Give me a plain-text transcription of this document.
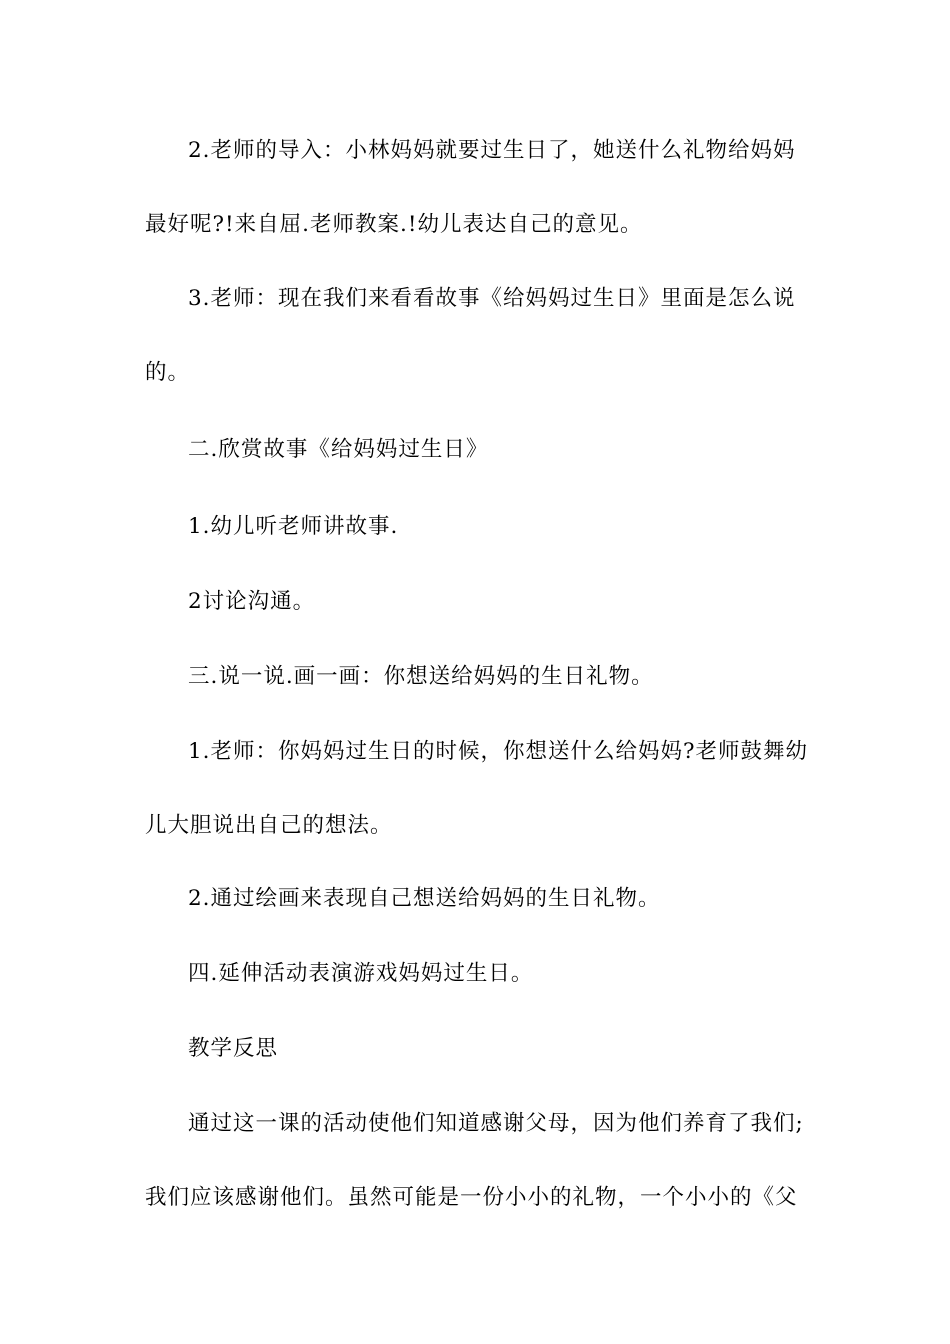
2.老师的导入：小林妈妈就要过生日了，她送什么礼物给妈妈
最好呢?!来自屈.老师教案.!幼儿表达自己的意见。
3.老师：现在我们来看看故事《给妈妈过生日》里面是怎么说
的。
二.欣赏故事《给妈妈过生日》
1.幼儿听老师讲故事.
2讨论沟通。
三.说一说.画一画：你想送给妈妈的生日礼物。
1.老师：你妈妈过生日的时候，你想送什么给妈妈?老师鼓舞幼
儿大胆说出自己的想法。
2.通过绘画来表现自己想送给妈妈的生日礼物。
四.延伸活动表演游戏妈妈过生日。
教学反思
通过这一课的活动使他们知道感谢父母，因为他们养育了我们;
我们应该感谢他们。虽然可能是一份小小的礼物，一个小小的《父
